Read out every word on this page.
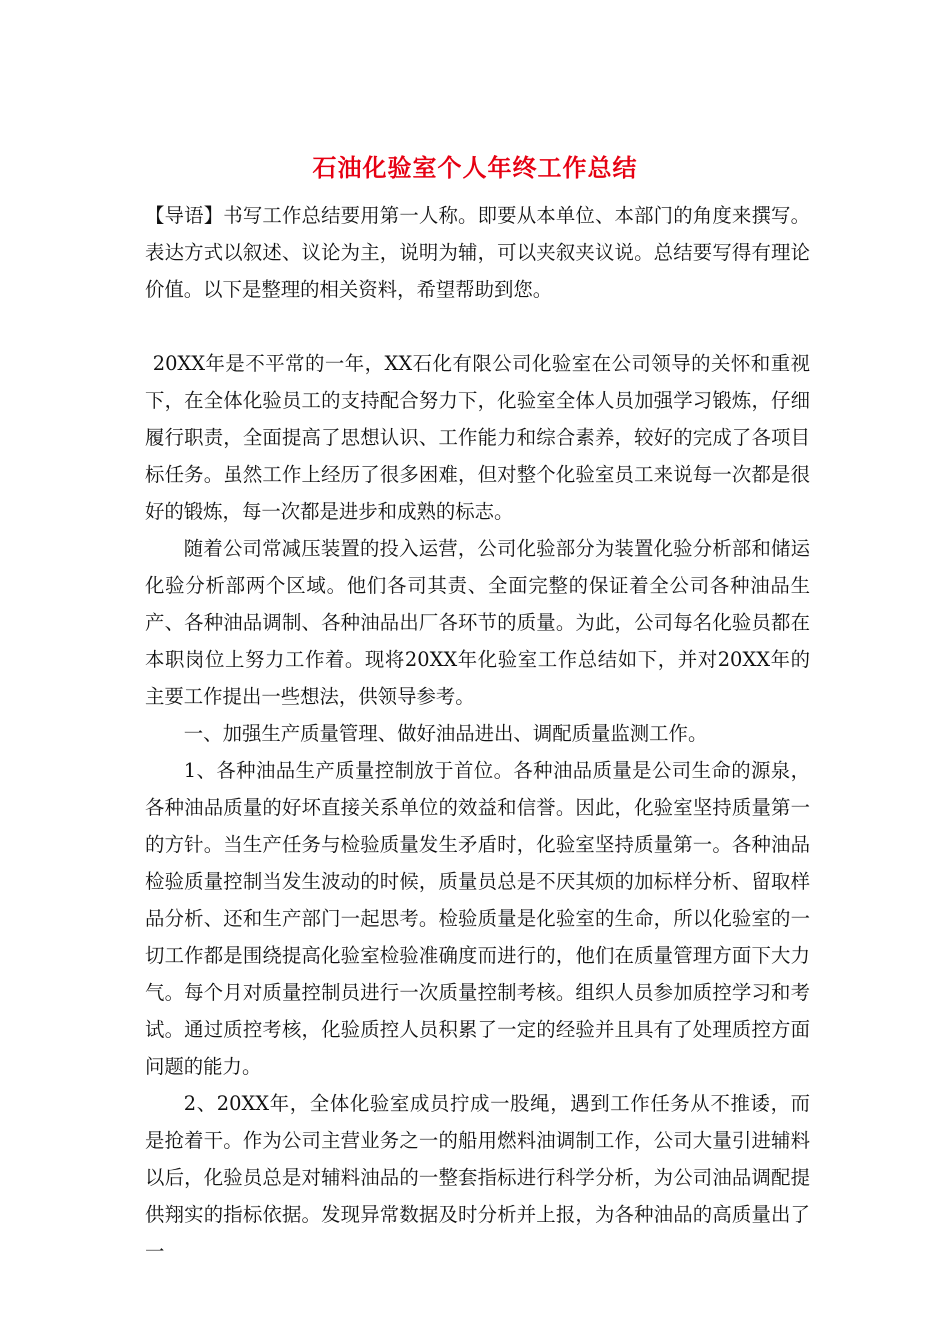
石油化验室个人年终工作总结

【导语】书写工作总结要用第一人称。即要从本单位、本部门的角度来撰写。表达方式以叙述、议论为主，说明为辅，可以夹叙夹议说。总结要写得有理论价值。以下是整理的相关资料，希望帮助到您。

20XX年是不平常的一年，XX石化有限公司化验室在公司领导的关怀和重视下，在全体化验员工的支持配合努力下，化验室全体人员加强学习锻炼，仔细履行职责，全面提高了思想认识、工作能力和综合素养，较好的完成了各项目标任务。虽然工作上经历了很多困难，但对整个化验室员工来说每一次都是很好的锻炼，每一次都是进步和成熟的标志。

随着公司常减压装置的投入运营，公司化验部分为装置化验分析部和储运化验分析部两个区域。他们各司其责、全面完整的保证着全公司各种油品生产、各种油品调制、各种油品出厂各环节的质量。为此，公司每名化验员都在本职岗位上努力工作着。现将20XX年化验室工作总结如下，并对20XX年的主要工作提出一些想法，供领导参考。

一、加强生产质量管理、做好油品进出、调配质量监测工作。

1、各种油品生产质量控制放于首位。各种油品质量是公司生命的源泉，各种油品质量的好坏直接关系单位的效益和信誉。因此，化验室坚持质量第一的方针。当生产任务与检验质量发生矛盾时，化验室坚持质量第一。各种油品检验质量控制当发生波动的时候，质量员总是不厌其烦的加标样分析、留取样品分析、还和生产部门一起思考。检验质量是化验室的生命，所以化验室的一切工作都是围绕提高化验室检验准确度而进行的，他们在质量管理方面下大力气。每个月对质量控制员进行一次质量控制考核。组织人员参加质控学习和考试。通过质控考核，化验质控人员积累了一定的经验并且具有了处理质控方面问题的能力。

2、20XX年，全体化验室成员拧成一股绳，遇到工作任务从不推诿，而是抢着干。作为公司主营业务之一的船用燃料油调制工作，公司大量引进辅料以后，化验员总是对辅料油品的一整套指标进行科学分析，为公司油品调配提供翔实的指标依据。发现异常数据及时分析并上报，为各种油品的高质量出了一
